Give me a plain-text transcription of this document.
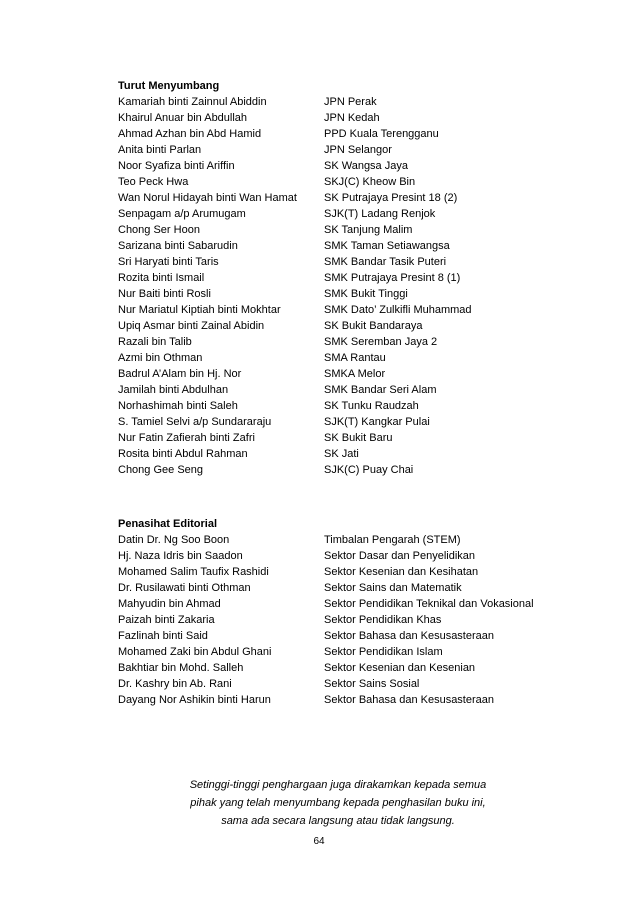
Turut Menyumbang
Kamariah binti Zainnul Abiddin	JPN Perak
Khairul Anuar bin Abdullah	JPN Kedah
Ahmad Azhan bin Abd Hamid	PPD Kuala Terengganu
Anita binti Parlan	JPN Selangor
Noor Syafiza binti Ariffin	SK Wangsa Jaya
Teo Peck Hwa	SKJ(C) Kheow Bin
Wan Norul Hidayah binti Wan Hamat	SK Putrajaya Presint 18 (2)
Senpagam a/p Arumugam	SJK(T) Ladang Renjok
Chong Ser Hoon	SK Tanjung Malim
Sarizana binti Sabarudin	SMK Taman Setiawangsa
Sri Haryati binti Taris	SMK Bandar Tasik Puteri
Rozita binti Ismail	SMK Putrajaya Presint 8 (1)
Nur Baiti binti Rosli	SMK Bukit Tinggi
Nur Mariatul Kiptiah binti Mokhtar	SMK Dato’ Zulkifli Muhammad
Upiq Asmar binti Zainal Abidin	SK Bukit Bandaraya
Razali bin Talib	SMK Seremban Jaya 2
Azmi bin Othman	SMA Rantau
Badrul A’Alam bin Hj. Nor	SMKA Melor
Jamilah binti Abdulhan	SMK Bandar Seri Alam
Norhashimah binti Saleh	SK Tunku Raudzah
S. Tamiel Selvi a/p Sundararaju	SJK(T) Kangkar Pulai
Nur Fatin Zafierah binti Zafri	SK Bukit Baru
Rosita binti Abdul Rahman	SK Jati
Chong Gee Seng	SJK(C) Puay Chai
Penasihat Editorial
Datin Dr. Ng Soo Boon	Timbalan Pengarah (STEM)
Hj. Naza Idris bin Saadon	Sektor Dasar dan Penyelidikan
Mohamed Salim Taufix Rashidi	Sektor Kesenian dan Kesihatan
Dr. Rusilawati binti Othman	Sektor Sains dan Matematik
Mahyudin bin Ahmad	Sektor Pendidikan Teknikal dan Vokasional
Paizah binti Zakaria	Sektor Pendidikan Khas
Fazlinah binti Said	Sektor Bahasa dan Kesusasteraan
Mohamed Zaki bin Abdul Ghani	Sektor Pendidikan Islam
Bakhtiar bin Mohd. Salleh	Sektor Kesenian dan Kesenian
Dr. Kashry bin Ab. Rani	Sektor Sains Sosial
Dayang Nor Ashikin binti Harun	Sektor Bahasa dan Kesusasteraan
Setinggi-tinggi penghargaan juga dirakamkan kepada semua
pihak yang telah menyumbang kepada penghasilan buku ini,
sama ada secara langsung atau tidak langsung.
64
